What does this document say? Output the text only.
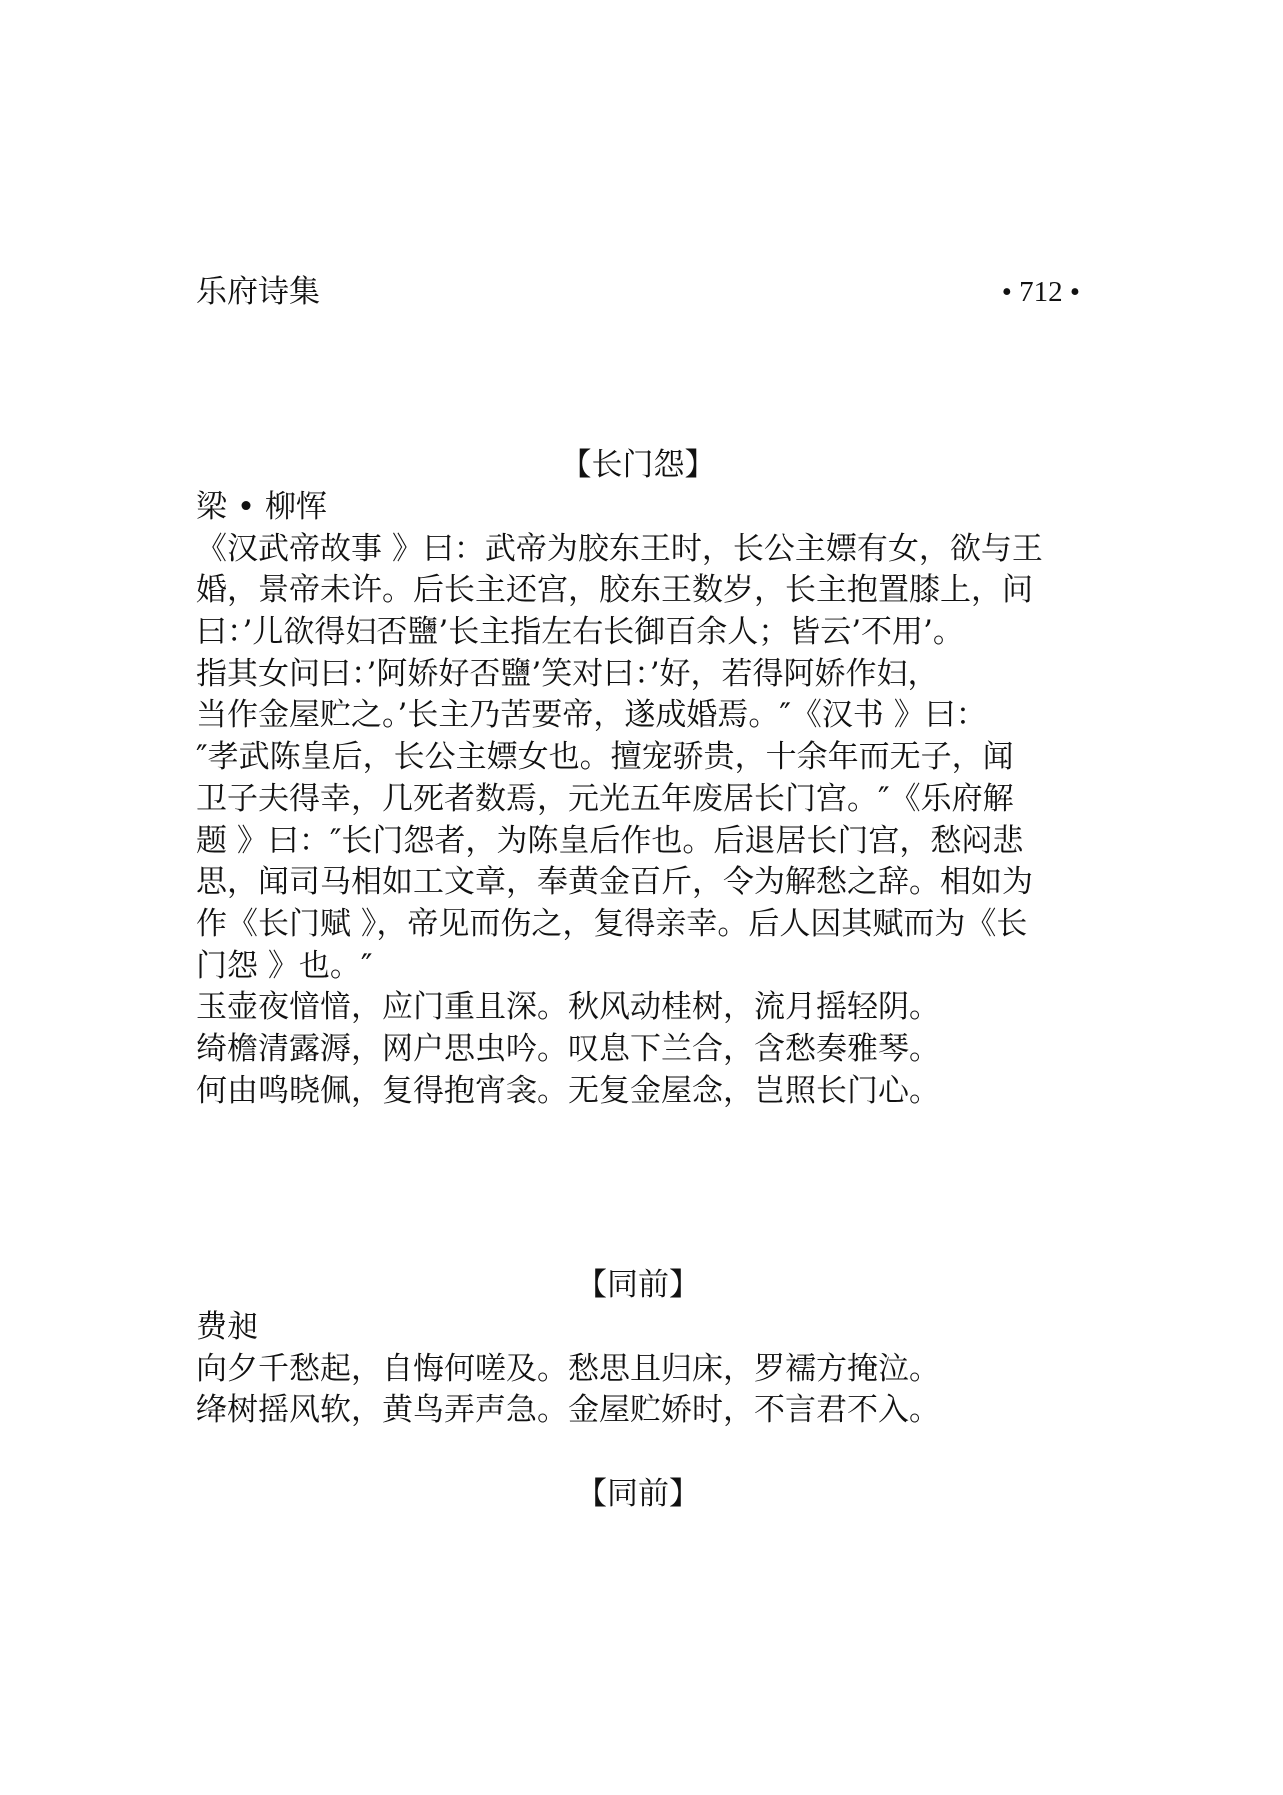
乐府诗集	• 712 •
【长门怨】
梁 • 柳恽
《汉武帝故事 》曰：武帝为胶东王时，长公主嫖有女，欲与王
婚，景帝未许。后长主还宫，胶东王数岁，长主抱置膝上，问
曰：’儿欲得妇否鹽’长主指左右长御百余人；皆云’不用’。
指其女问曰：’阿娇好否鹽’笑对曰：’好，若得阿娇作妇，
当作金屋贮之。’长主乃苦要帝，遂成婚焉。″《汉书 》曰：
″孝武陈皇后，长公主嫖女也。擅宠骄贵，十余年而无子，闻
卫子夫得幸，几死者数焉，元光五年废居长门宫。″《乐府解
题 》曰：″长门怨者，为陈皇后作也。后退居长门宫，愁闷悲
思，闻司马相如工文章，奉黄金百斤，令为解愁之辞。相如为
作《长门赋 》，帝见而伤之，复得亲幸。后人因其赋而为《长
门怨 》也。″
玉壶夜愔愔，应门重且深。秋风动桂树，流月摇轻阴。
绮檐清露溽，网户思虫吟。叹息下兰合，含愁奏雅琴。
何由鸣晓佩，复得抱宵衾。无复金屋念，岂照长门心。
【同前】
费昶
向夕千愁起，自悔何嗟及。愁思且归床，罗襦方掩泣。
绛树摇风软，黄鸟弄声急。金屋贮娇时，不言君不入。
【同前】
